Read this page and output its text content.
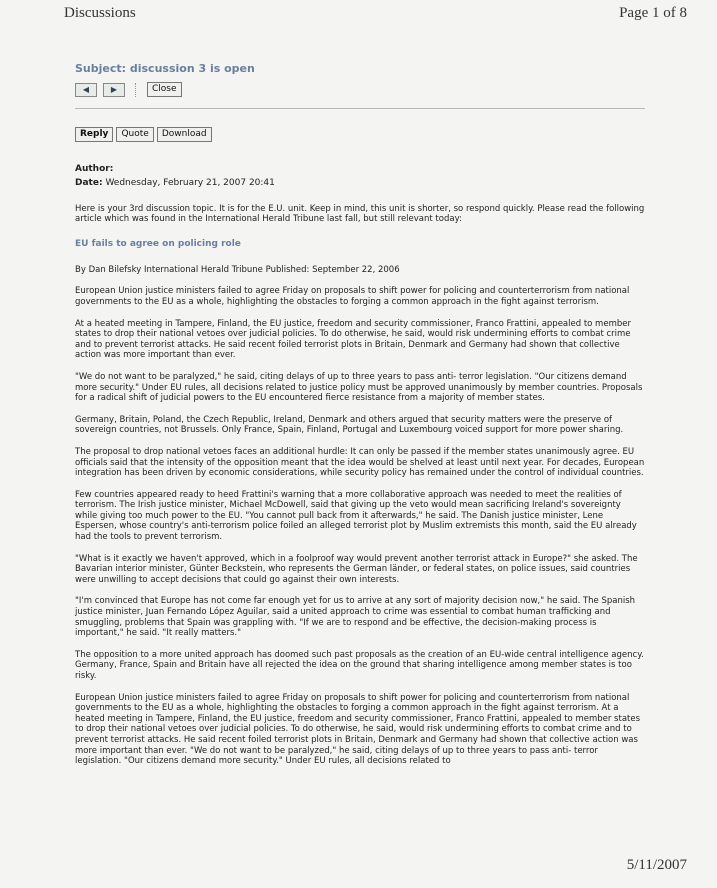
Discussions	Page 1 of 8

Subject: discussion 3 is open

◀	▶	Close
Reply	Quote	Download
Author:
Date: Wednesday, February 21, 2007 20:41

Here is your 3rd discussion topic. It is for the E.U. unit. Keep in mind, this unit is shorter, so respond quickly. Please read the following article which was found in the International Herald Tribune last fall, but still relevant today:

EU fails to agree on policing role

By Dan Bilefsky International Herald Tribune Published: September 22, 2006

European Union justice ministers failed to agree Friday on proposals to shift power for policing and counterterrorism from national governments to the EU as a whole, highlighting the obstacles to forging a common approach in the fight against terrorism.

At a heated meeting in Tampere, Finland, the EU justice, freedom and security commissioner, Franco Frattini, appealed to member states to drop their national vetoes over judicial policies. To do otherwise, he said, would risk undermining efforts to combat crime and to prevent terrorist attacks. He said recent foiled terrorist plots in Britain, Denmark and Germany had shown that collective action was more important than ever.

"We do not want to be paralyzed," he said, citing delays of up to three years to pass anti- terror legislation. "Our citizens demand more security." Under EU rules, all decisions related to justice policy must be approved unanimously by member countries. Proposals for a radical shift of judicial powers to the EU encountered fierce resistance from a majority of member states.

Germany, Britain, Poland, the Czech Republic, Ireland, Denmark and others argued that security matters were the preserve of sovereign countries, not Brussels. Only France, Spain, Finland, Portugal and Luxembourg voiced support for more power sharing.

The proposal to drop national vetoes faces an additional hurdle: It can only be passed if the member states unanimously agree. EU officials said that the intensity of the opposition meant that the idea would be shelved at least until next year. For decades, European integration has been driven by economic considerations, while security policy has remained under the control of individual countries.

Few countries appeared ready to heed Frattini's warning that a more collaborative approach was needed to meet the realities of terrorism. The Irish justice minister, Michael McDowell, said that giving up the veto would mean sacrificing Ireland's sovereignty while giving too much power to the EU. "You cannot pull back from it afterwards," he said. The Danish justice minister, Lene Espersen, whose country's anti-terrorism police foiled an alleged terrorist plot by Muslim extremists this month, said the EU already had the tools to prevent terrorism.

"What is it exactly we haven't approved, which in a foolproof way would prevent another terrorist attack in Europe?" she asked. The Bavarian interior minister, Günter Beckstein, who represents the German länder, or federal states, on police issues, said countries were unwilling to accept decisions that could go against their own interests.

"I'm convinced that Europe has not come far enough yet for us to arrive at any sort of majority decision now," he said. The Spanish justice minister, Juan Fernando López Aguilar, said a united approach to crime was essential to combat human trafficking and smuggling, problems that Spain was grappling with. "If we are to respond and be effective, the decision-making process is important," he said. "It really matters."

The opposition to a more united approach has doomed such past proposals as the creation of an EU-wide central intelligence agency. Germany, France, Spain and Britain have all rejected the idea on the ground that sharing intelligence among member states is too risky.

European Union justice ministers failed to agree Friday on proposals to shift power for policing and counterterrorism from national governments to the EU as a whole, highlighting the obstacles to forging a common approach in the fight against terrorism. At a heated meeting in Tampere, Finland, the EU justice, freedom and security commissioner, Franco Frattini, appealed to member states to drop their national vetoes over judicial policies. To do otherwise, he said, would risk undermining efforts to combat crime and to prevent terrorist attacks. He said recent foiled terrorist plots in Britain, Denmark and Germany had shown that collective action was more important than ever. "We do not want to be paralyzed," he said, citing delays of up to three years to pass anti- terror legislation. "Our citizens demand more security." Under EU rules, all decisions related to

5/11/2007
